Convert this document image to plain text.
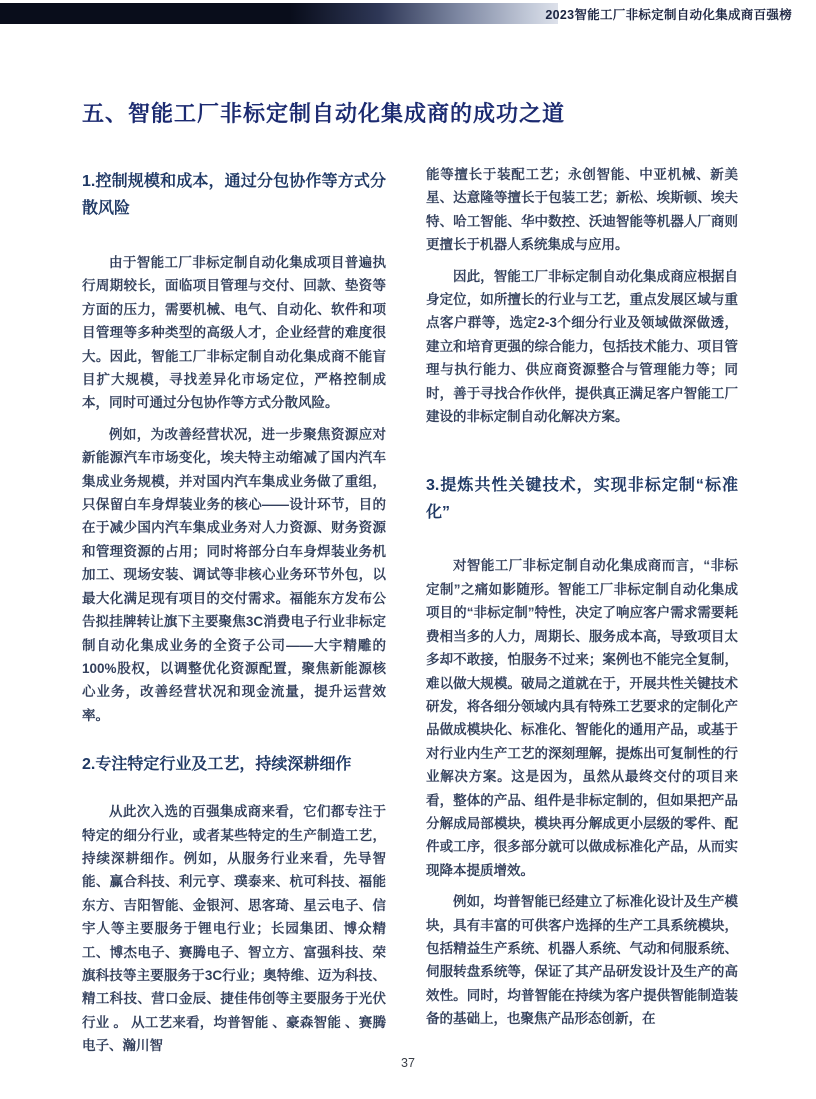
2023智能工厂非标定制自动化集成商百强榜
五、智能工厂非标定制自动化集成商的成功之道
1.控制规模和成本，通过分包协作等方式分散风险

由于智能工厂非标定制自动化集成项目普遍执行周期较长，面临项目管理与交付、回款、垫资等方面的压力，需要机械、电气、自动化、软件和项目管理等多种类型的高级人才，企业经营的难度很大。因此，智能工厂非标定制自动化集成商不能盲目扩大规模，寻找差异化市场定位，严格控制成本，同时可通过分包协作等方式分散风险。

例如，为改善经营状况，进一步聚焦资源应对新能源汽车市场变化，埃夫特主动缩减了国内汽车集成业务规模，并对国内汽车集成业务做了重组，只保留白车身焊装业务的核心——设计环节，目的在于减少国内汽车集成业务对人力资源、财务资源和管理资源的占用；同时将部分白车身焊装业务机加工、现场安装、调试等非核心业务环节外包，以最大化满足现有项目的交付需求。福能东方发布公告拟挂牌转让旗下主要聚焦3C消费电子行业非标定制自动化集成业务的全资子公司——大宇精雕的100%股权，以调整优化资源配置，聚焦新能源核心业务，改善经营状况和现金流量，提升运营效率。

2.专注特定行业及工艺，持续深耕细作

从此次入选的百强集成商来看，它们都专注于特定的细分行业，或者某些特定的生产制造工艺，持续深耕细作。例如，从服务行业来看，先导智能、赢合科技、利元亨、璞泰来、杭可科技、福能东方、吉阳智能、金银河、思客琦、星云电子、信宇人等主要服务于锂电行业；长园集团、博众精工、博杰电子、赛腾电子、智立方、富强科技、荣旗科技等主要服务于3C行业；奥特维、迈为科技、精工科技、营口金辰、捷佳伟创等主要服务于光伏行业 。 从工艺来看，均普智能 、豪森智能 、赛腾电子、瀚川智

能等擅长于装配工艺；永创智能、中亚机械、新美星、达意隆等擅长于包装工艺；新松、埃斯顿、埃夫特、哈工智能、华中数控、沃迪智能等机器人厂商则更擅长于机器人系统集成与应用。

因此，智能工厂非标定制自动化集成商应根据自身定位，如所擅长的行业与工艺，重点发展区域与重点客户群等，选定2-3个细分行业及领域做深做透，建立和培育更强的综合能力，包括技术能力、项目管理与执行能力、供应商资源整合与管理能力等；同时，善于寻找合作伙伴，提供真正满足客户智能工厂建设的非标定制自动化解决方案。

3.提炼共性关键技术，实现非标定制“标准化”

对智能工厂非标定制自动化集成商而言，“非标定制”之痛如影随形。智能工厂非标定制自动化集成项目的“非标定制”特性，决定了响应客户需求需要耗费相当多的人力，周期长、服务成本高，导致项目太多却不敢接，怕服务不过来；案例也不能完全复制，难以做大规模。破局之道就在于，开展共性关键技术研发，将各细分领域内具有特殊工艺要求的定制化产品做成模块化、标准化、智能化的通用产品，或基于对行业内生产工艺的深刻理解，提炼出可复制性的行业解决方案。这是因为，虽然从最终交付的项目来看，整体的产品、组件是非标定制的，但如果把产品分解成局部模块，模块再分解成更小层级的零件、配件或工序，很多部分就可以做成标准化产品，从而实现降本提质增效。

例如，均普智能已经建立了标准化设计及生产模块，具有丰富的可供客户选择的生产工具系统模块，包括精益生产系统、机器人系统、气动和伺服系统、伺服转盘系统等，保证了其产品研发设计及生产的高效性。同时，均普智能在持续为客户提供智能制造装备的基础上，也聚焦产品形态创新，在

37
